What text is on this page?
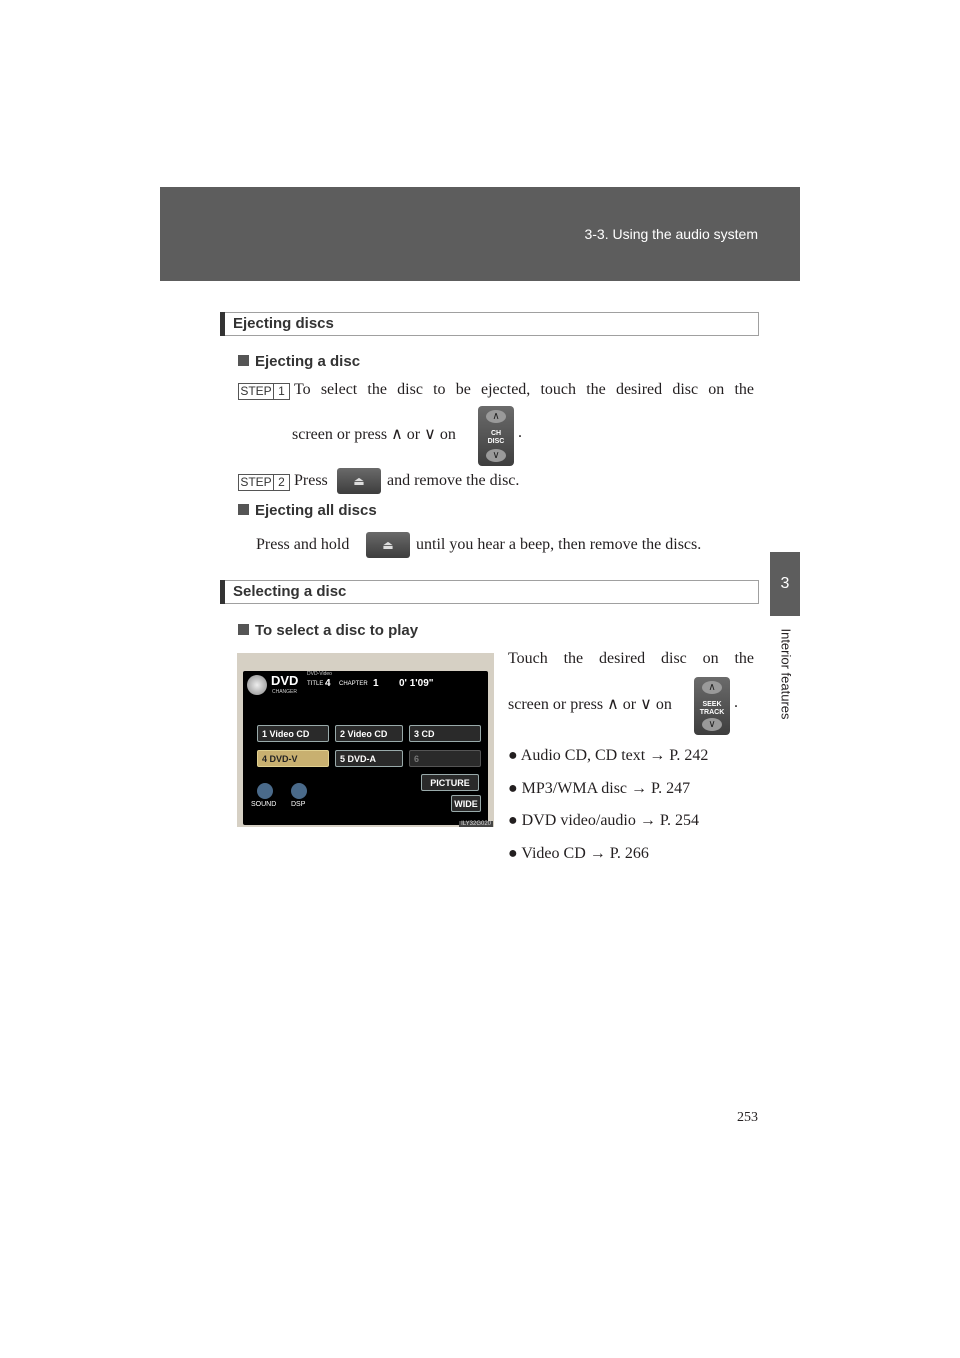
3-3. Using the audio system
3
Interior features
Ejecting discs
Ejecting a disc
STEP 1 To select the disc to be ejected, touch the desired disc on the
screen or press ∧ or ∨ on
∧
CH
DISC
∨
.
STEP 2 Press	⏏	and remove the disc.
Ejecting all discs
Press and hold	⏏	until you hear a beep, then remove the discs.
Selecting a disc
To select a disc to play
Touch the desired disc on the
screen or press ∧ or ∨ on
∧
SEEK
TRACK
∨
.
● Audio CD, CD text → P. 242
● MP3/WMA disc → P. 247
● DVD video/audio → P. 254
● Video CD → P. 266
DVD
CHANGER
DVD-Video
TITLE 4 CHAPTER 1 0' 1'09"
1 Video CD	2 Video CD	3 CD
4 DVD-V	5 DVD-A	6
PICTURE
WIDE
SOUND DSP
ILY32G020
253
